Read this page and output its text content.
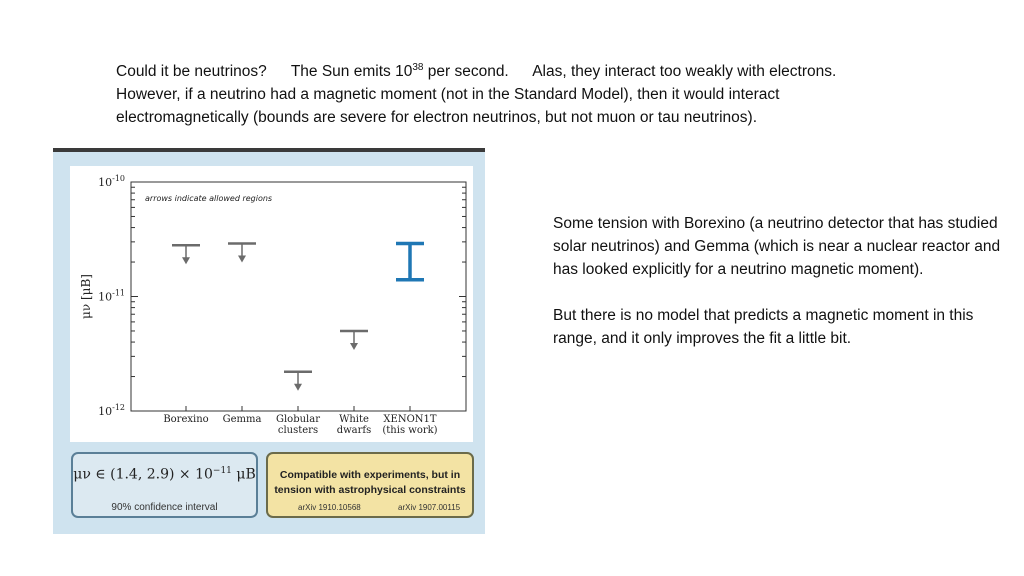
Could it be neutrinos? The Sun emits $10^{38}$ per second. Alas, they interact too weakly with electrons.
However, if a neutrino had a magnetic moment (not in the Standard Model), then it would interact
electromagnetically (bounds are severe for electron neutrinos, but not muon or tau neutrinos).
$10^{-10}$
$10^{-11}$
$10^{-12}$
μν [μB]
arrows indicate allowed regions
Borexino Gemma Globular
clusters
White
dwarfs
XENON1T
(this work)
μν ∈ (1.4, $2.9) \times 10^{-11}$ μB
90% confidence interval
Compatible with experiments, but in
tension with astrophysical constraints
arXiv 1910.10568	arXiv 1907.00115

Some tension with Borexino (a neutrino detector that has studied solar neutrinos) and Gemma (which is near a nuclear reactor and has looked explicitly for a neutrino magnetic moment).

But there is no model that predicts a magnetic moment in this range, and it only improves the fit a little bit.
